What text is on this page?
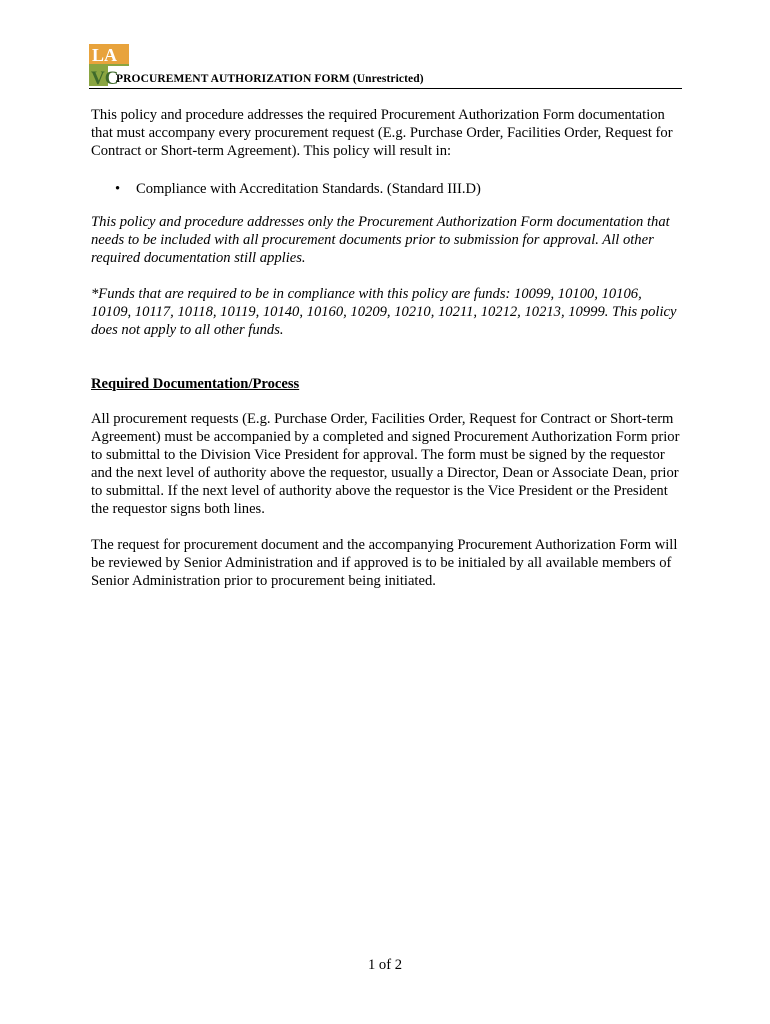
LA
VC
PROCUREMENT AUTHORIZATION FORM (Unrestricted)

This policy and procedure addresses the required Procurement Authorization Form documentation that must accompany every procurement request (E.g. Purchase Order, Facilities Order, Request for Contract or Short-term Agreement). This policy will result in:

• Compliance with Accreditation Standards. (Standard III.D)

This policy and procedure addresses only the Procurement Authorization Form documentation that needs to be included with all procurement documents prior to submission for approval. All other required documentation still applies.

*Funds that are required to be in compliance with this policy are funds: 10099, 10100, 10106, 10109, 10117, 10118, 10119, 10140, 10160, 10209, 10210, 10211, 10212, 10213, 10999. This policy does not apply to all other funds.

Required Documentation/Process

All procurement requests (E.g. Purchase Order, Facilities Order, Request for Contract or Short-term Agreement) must be accompanied by a completed and signed Procurement Authorization Form prior to submittal to the Division Vice President for approval. The form must be signed by the requestor and the next level of authority above the requestor, usually a Director, Dean or Associate Dean, prior to submittal. If the next level of authority above the requestor is the Vice President or the President the requestor signs both lines.

The request for procurement document and the accompanying Procurement Authorization Form will be reviewed by Senior Administration and if approved is to be initialed by all available members of Senior Administration prior to procurement being initiated.

1 of 2
